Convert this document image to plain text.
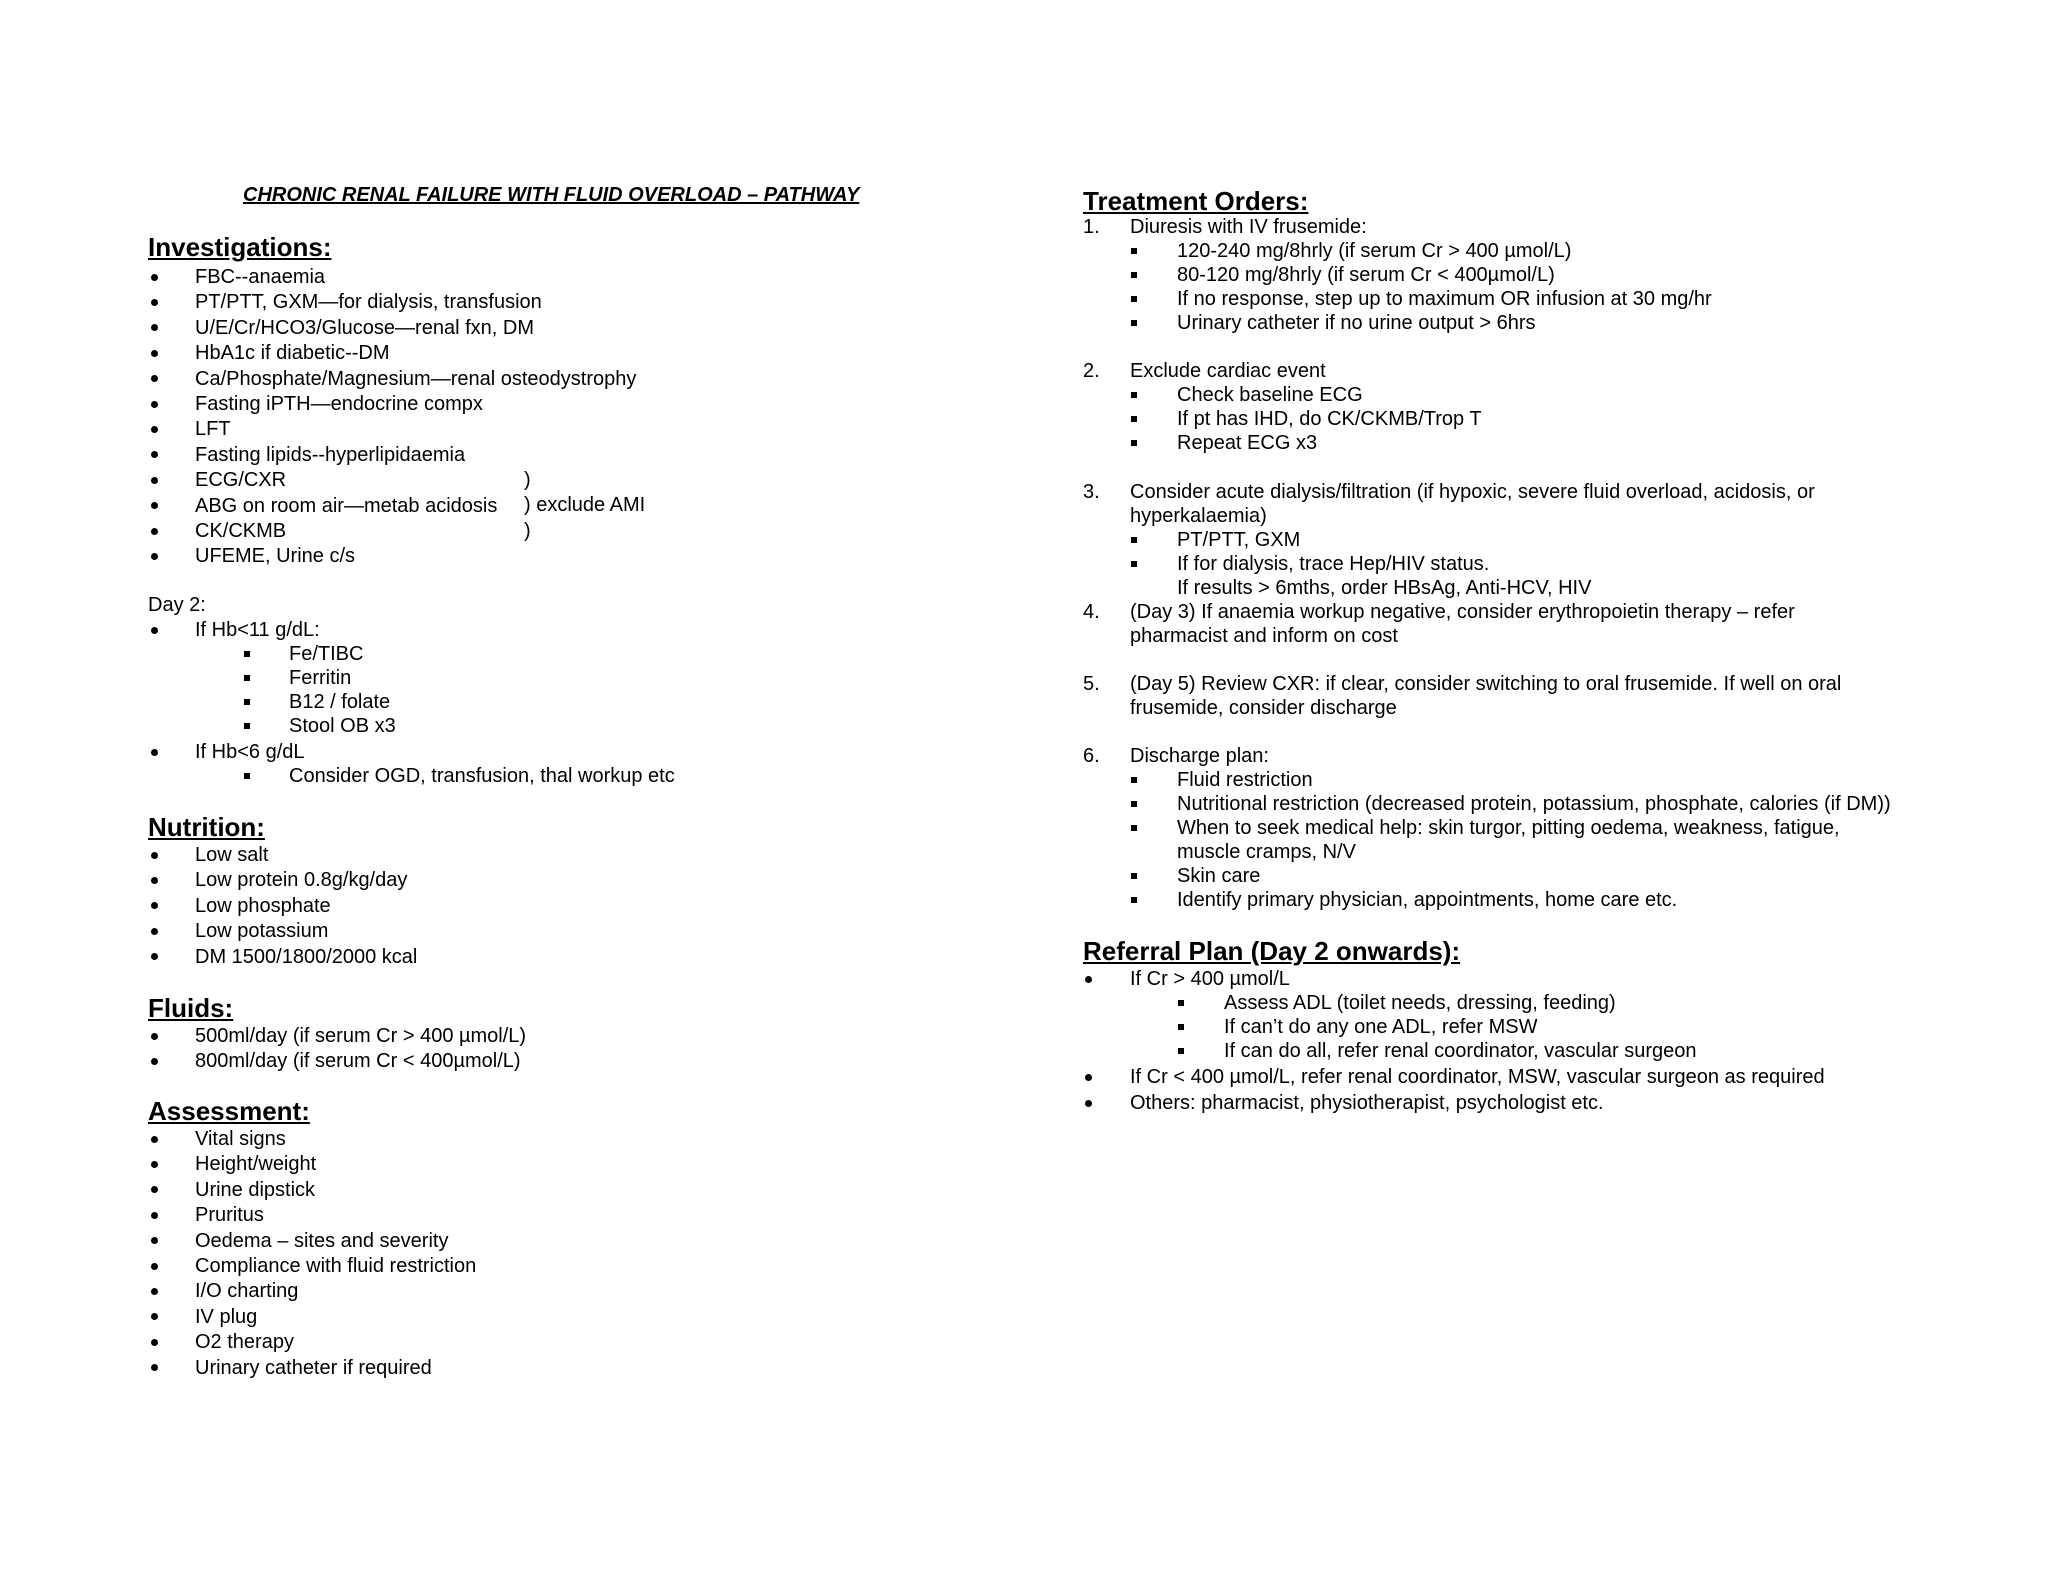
CHRONIC RENAL FAILURE WITH FLUID OVERLOAD – PATHWAY
Investigations:
FBC--anaemia
PT/PTT, GXM—for dialysis, transfusion
U/E/Cr/HCO3/Glucose—renal fxn, DM
HbA1c if diabetic--DM
Ca/Phosphate/Magnesium—renal osteodystrophy
Fasting iPTH—endocrine compx
LFT
Fasting lipids--hyperlipidaemia
ECG/CXR
ABG on room air—metab acidosis
CK/CKMB
UFEME, Urine c/s
)
) exclude AMI
)
Day 2:
If Hb<11 g/dL:
Fe/TIBC
Ferritin
B12 / folate
Stool OB x3
If Hb<6 g/dL
Consider OGD, transfusion, thal workup etc
Nutrition:
Low salt
Low protein 0.8g/kg/day
Low phosphate
Low potassium
DM 1500/1800/2000 kcal
Fluids:
500ml/day (if serum Cr > 400 µmol/L)
800ml/day (if serum Cr < 400µmol/L)
Assessment:
Vital signs
Height/weight
Urine dipstick
Pruritus
Oedema – sites and severity
Compliance with fluid restriction
I/O charting
IV plug
O2 therapy
Urinary catheter if required
Treatment Orders:
1. Diuresis with IV frusemide:
120-240 mg/8hrly (if serum Cr > 400 µmol/L)
80-120 mg/8hrly (if serum Cr < 400µmol/L)
If no response, step up to maximum OR infusion at 30 mg/hr
Urinary catheter if no urine output > 6hrs
2. Exclude cardiac event
Check baseline ECG
If pt has IHD, do CK/CKMB/Trop T
Repeat ECG x3
3. Consider acute dialysis/filtration (if hypoxic, severe fluid overload, acidosis, or
hyperkalaemia)
PT/PTT, GXM
If for dialysis, trace Hep/HIV status.
If results > 6mths, order HBsAg, Anti-HCV, HIV
4. (Day 3) If anaemia workup negative, consider erythropoietin therapy – refer
pharmacist and inform on cost
5. (Day 5) Review CXR: if clear, consider switching to oral frusemide. If well on oral
frusemide, consider discharge
6. Discharge plan:
Fluid restriction
Nutritional restriction (decreased protein, potassium, phosphate, calories (if DM))
When to seek medical help: skin turgor, pitting oedema, weakness, fatigue,
muscle cramps, N/V
Skin care
Identify primary physician, appointments, home care etc.
Referral Plan (Day 2 onwards):
If Cr > 400 µmol/L
Assess ADL (toilet needs, dressing, feeding)
If can’t do any one ADL, refer MSW
If can do all, refer renal coordinator, vascular surgeon
If Cr < 400 µmol/L, refer renal coordinator, MSW, vascular surgeon as required
Others: pharmacist, physiotherapist, psychologist etc.
